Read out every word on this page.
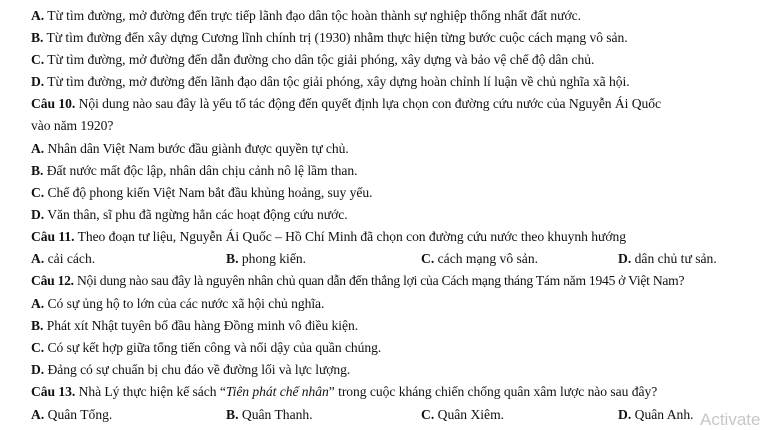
A. Từ tìm đường, mở đường đến trực tiếp lãnh đạo dân tộc hoàn thành sự nghiệp thống nhất đất nước.
B. Từ tìm đường đến xây dựng Cương lĩnh chính trị (1930) nhằm thực hiện từng bước cuộc cách mạng vô sản.
C. Từ tìm đường, mở đường đến dẫn đường cho dân tộc giải phóng, xây dựng và bảo vệ chế độ dân chủ.
D. Từ tìm đường, mở đường đến lãnh đạo dân tộc giải phóng, xây dựng hoàn chỉnh lí luận về chủ nghĩa xã hội.
Câu 10. Nội dung nào sau đây là yếu tố tác động đến quyết định lựa chọn con đường cứu nước của Nguyễn Ái Quốc
vào năm 1920?
A. Nhân dân Việt Nam bước đầu giành được quyền tự chủ.
B. Đất nước mất độc lập, nhân dân chịu cảnh nô lệ lầm than.
C. Chế độ phong kiến Việt Nam bắt đầu khủng hoảng, suy yếu.
D. Văn thân, sĩ phu đã ngừng hẳn các hoạt động cứu nước.
Câu 11. Theo đoạn tư liệu, Nguyễn Ái Quốc – Hồ Chí Minh đã chọn con đường cứu nước theo khuynh hướng
A. cải cách.	B. phong kiến.	C. cách mạng vô sản.	D. dân chủ tư sản.
Câu 12. Nội dung nào sau đây là nguyên nhân chủ quan dẫn đến thắng lợi của Cách mạng tháng Tám năm 1945 ở Việt Nam?
A. Có sự ủng hộ to lớn của các nước xã hội chủ nghĩa.
B. Phát xít Nhật tuyên bố đầu hàng Đồng minh vô điều kiện.
C. Có sự kết hợp giữa tổng tiến công và nổi dậy của quần chúng.
D. Đảng có sự chuẩn bị chu đáo về đường lối và lực lượng.
Câu 13. Nhà Lý thực hiện kế sách “Tiên phát chế nhân” trong cuộc kháng chiến chống quân xâm lược nào sau đây?
A. Quân Tống.	B. Quân Thanh.	C. Quân Xiêm.	D. Quân Anh. Activate
